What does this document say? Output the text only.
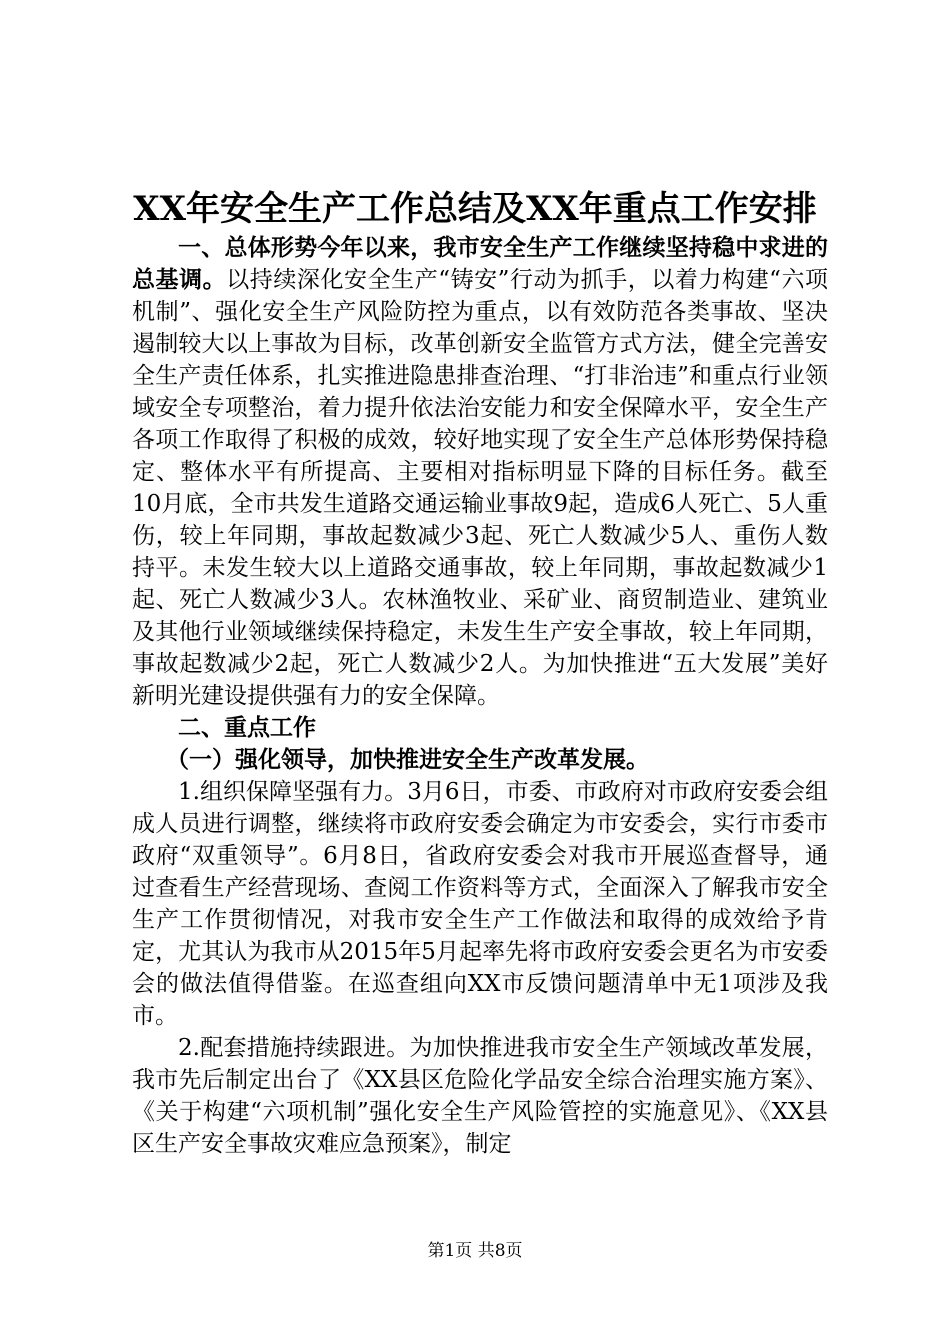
XX年安全生产工作总结及XX年重点工作安排

一、总体形势今年以来，我市安全生产工作继续坚持稳中求进的总基调。以持续深化安全生产“铸安”行动为抓手，以着力构建“六项机制”、强化安全生产风险防控为重点，以有效防范各类事故、坚决遏制较大以上事故为目标，改革创新安全监管方式方法，健全完善安全生产责任体系，扎实推进隐患排查治理、“打非治违”和重点行业领域安全专项整治，着力提升依法治安能力和安全保障水平，安全生产各项工作取得了积极的成效，较好地实现了安全生产总体形势保持稳定、整体水平有所提高、主要相对指标明显下降的目标任务。截至10月底，全市共发生道路交通运输业事故9起，造成6人死亡、5人重伤，较上年同期，事故起数减少3起、死亡人数减少5人、重伤人数持平。未发生较大以上道路交通事故，较上年同期，事故起数减少1起、死亡人数减少3人。农林渔牧业、采矿业、商贸制造业、建筑业及其他行业领域继续保持稳定，未发生生产安全事故，较上年同期，事故起数减少2起，死亡人数减少2人。为加快推进“五大发展”美好新明光建设提供强有力的安全保障。

二、重点工作

（一）强化领导，加快推进安全生产改革发展。

1.组织保障坚强有力。3月6日，市委、市政府对市政府安委会组成人员进行调整，继续将市政府安委会确定为市安委会，实行市委市政府“双重领导”。6月8日，省政府安委会对我市开展巡查督导，通过查看生产经营现场、查阅工作资料等方式，全面深入了解我市安全生产工作贯彻情况，对我市安全生产工作做法和取得的成效给予肯定，尤其认为我市从2015年5月起率先将市政府安委会更名为市安委会的做法值得借鉴。在巡查组向XX市反馈问题清单中无1项涉及我市。

2.配套措施持续跟进。为加快推进我市安全生产领域改革发展，我市先后制定出台了《XX县区危险化学品安全综合治理实施方案》、《关于构建“六项机制”强化安全生产风险管控的实施意见》、《XX县区生产安全事故灾难应急预案》，制定

第1页 共8页
